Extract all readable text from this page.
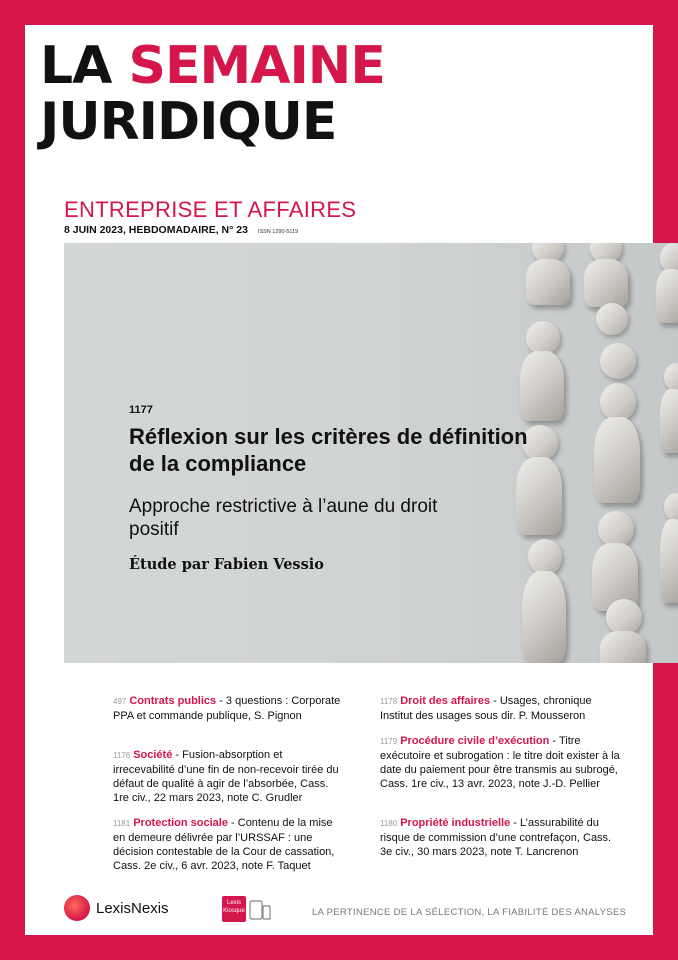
LA SEMAINE
JURIDIQUE
ENTREPRISE ET AFFAIRES
8 JUIN 2023, HEBDOMADAIRE, N° 23 ISSN 1290-5119
1177
Réflexion sur les critères de définition de la compliance
Approche restrictive à l’aune du droit positif
Étude par Fabien Vessio
497 Contrats publics - 3 questions : Corporate PPA et commande publique, S. Pignon
1176 Société - Fusion-absorption et irrecevabilité d’une fin de non-recevoir tirée du défaut de qualité à agir de l’absorbée, Cass. 1re civ., 22 mars 2023, note C. Grudler
1181 Protection sociale - Contenu de la mise en demeure délivrée par l’URSSAF : une décision contestable de la Cour de cassation, Cass. 2e civ., 6 avr. 2023, note F. Taquet
1178 Droit des affaires - Usages, chronique Institut des usages sous dir. P. Mousseron
1179 Procédure civile d’exécution - Titre exécutoire et subrogation : le titre doit exister à la date du paiement pour être transmis au subrogé, Cass. 1re civ., 13 avr. 2023, note J.-D. Pellier
1180 Propriété industrielle - L’assurabilité du risque de commission d’une contrefaçon, Cass. 3e civ., 30 mars 2023, note T. Lancrenon
LexisNexis	Lexis
Kiosque	LA PERTINENCE DE LA SÉLECTION, LA FIABILITÉ DES ANALYSES
